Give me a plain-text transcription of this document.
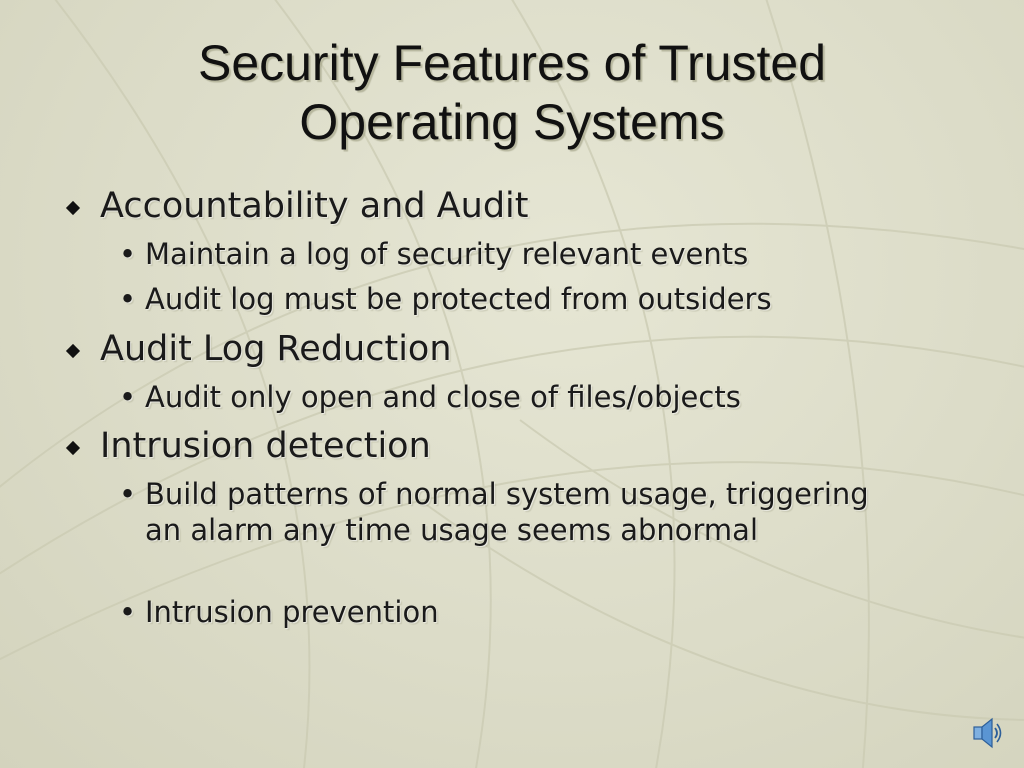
Security Features of Trusted
Operating Systems
Accountability and Audit
• Maintain a log of security relevant events
• Audit log must be protected from outsiders
Audit Log Reduction
• Audit only open and close of files/objects
Intrusion detection
• Build patterns of normal system usage, triggering an alarm any time usage seems abnormal
• Intrusion prevention
